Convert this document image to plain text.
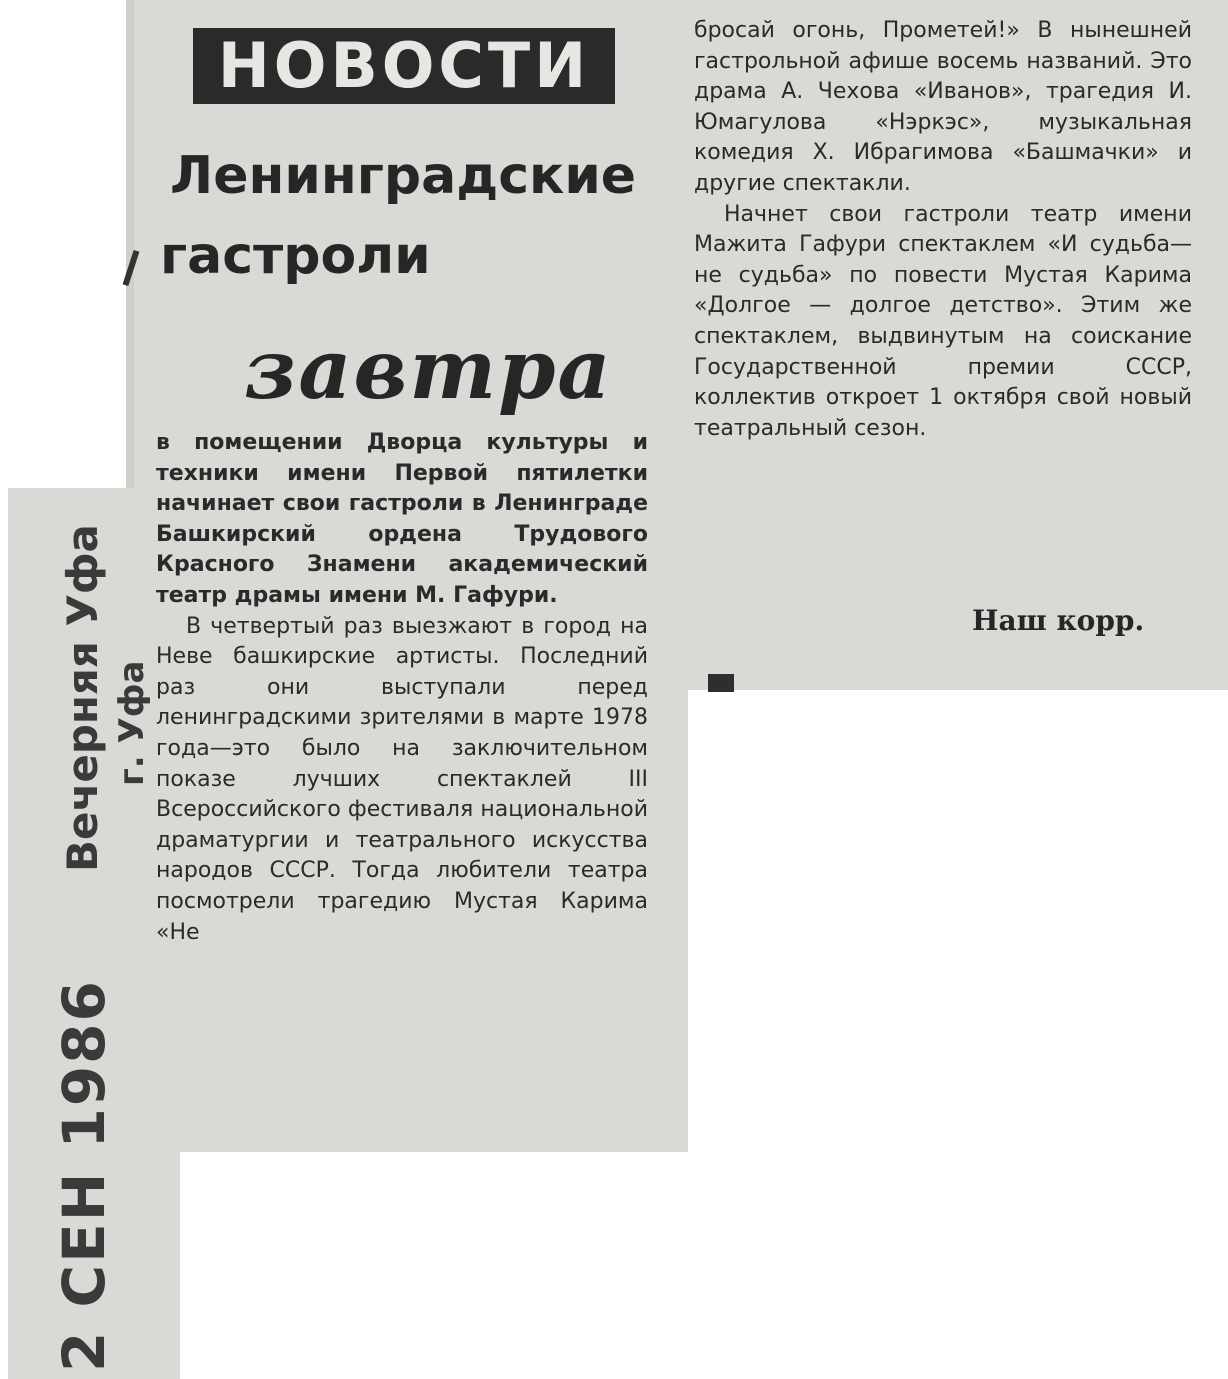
НОВОСТИ
Ленинградские
гастроли
завтра

в помещении Дворца культуры и техники имени Первой пятилетки начинает свои гастроли в Ленинграде Башкирский ордена Трудового Красного Знамени академический театр драмы имени М. Гафури.

В четвертый раз выезжают в город на Неве башкирские артисты. Последний раз они выступали перед ленинградскими зрителями в марте 1978 года—это было на заключительном показе лучших спектаклей III Всероссийского фестиваля национальной драматургии и театрального искусства народов СССР. Тогда любители театра посмотрели трагедию Мустая Карима «Не

бросай огонь, Прометей!» В нынешней гастрольной афише восемь названий. Это драма А. Чехова «Иванов», трагедия И. Юмагулова «Нэркэс», музыкальная комедия Х. Ибрагимова «Башмачки» и другие спектакли.

Начнет свои гастроли театр имени Мажита Гафури спектаклем «И судьба—не судьба» по повести Мустая Карима «Долгое — долгое детство». Этим же спектаклем, выдвинутым на соискание Государственной премии СССР, коллектив откроет 1 октября свой новый театральный сезон.

Наш корр.
Вечерняя Уфа г. Уфа
2 СЕН 1986
